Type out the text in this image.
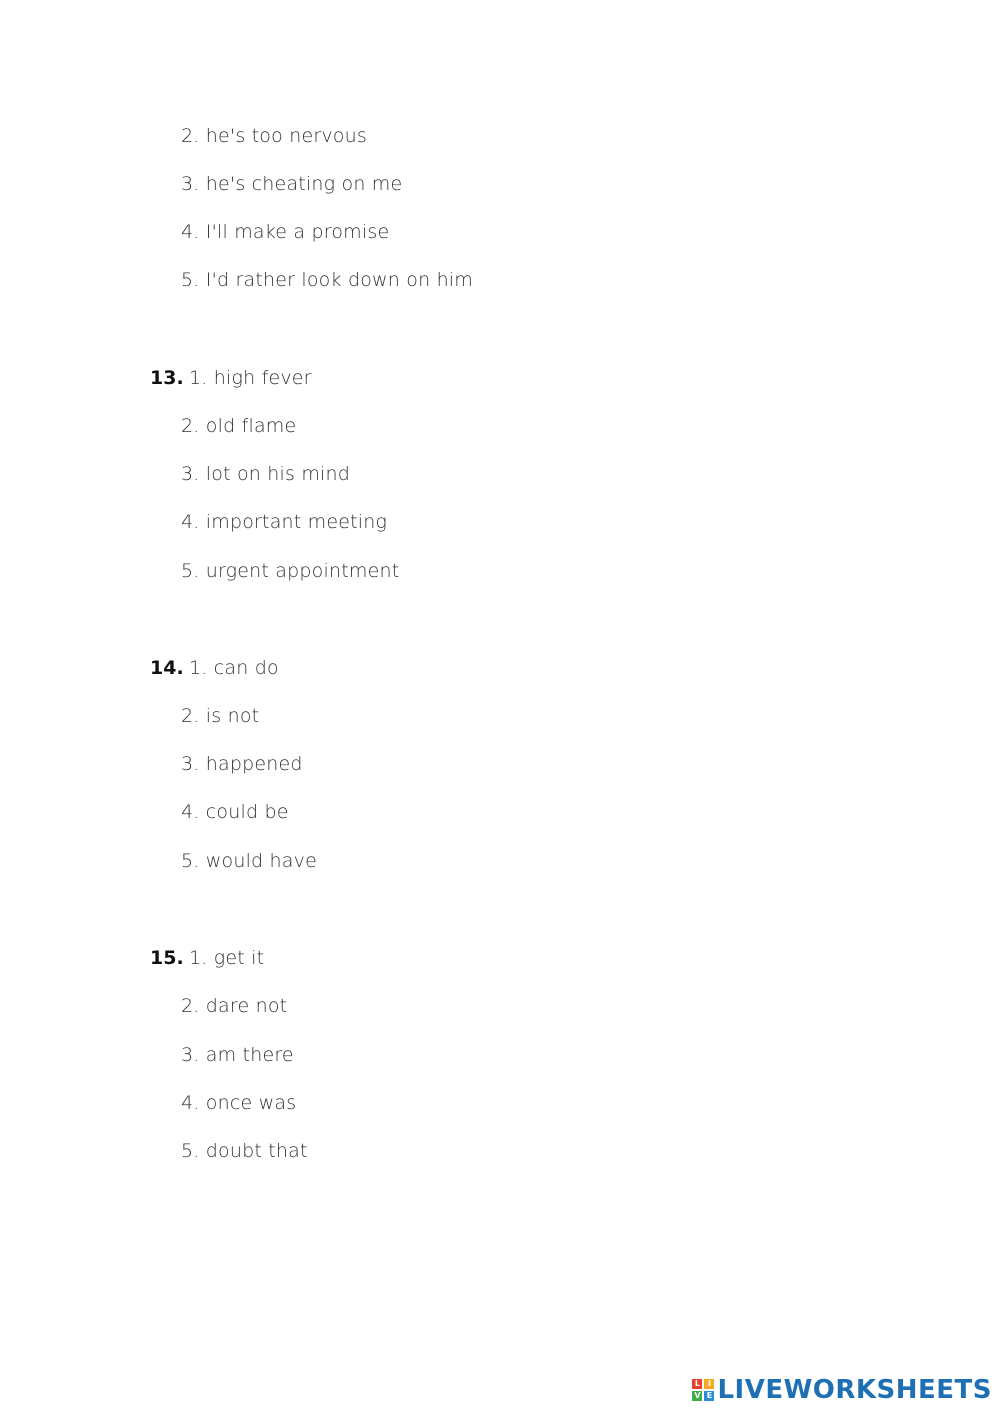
2. he's too nervous
3. he's cheating on me
4. I'll make a promise
5. I'd rather look down on him
13. 1. high fever
2. old flame
3. lot on his mind
4. important meeting
5. urgent appointment
14. 1. can do
2. is not
3. happened
4. could be
5. would have
15. 1. get it
2. dare not
3. am there
4. once was
5. doubt that
L I
V E LIVEWORKSHEETS
